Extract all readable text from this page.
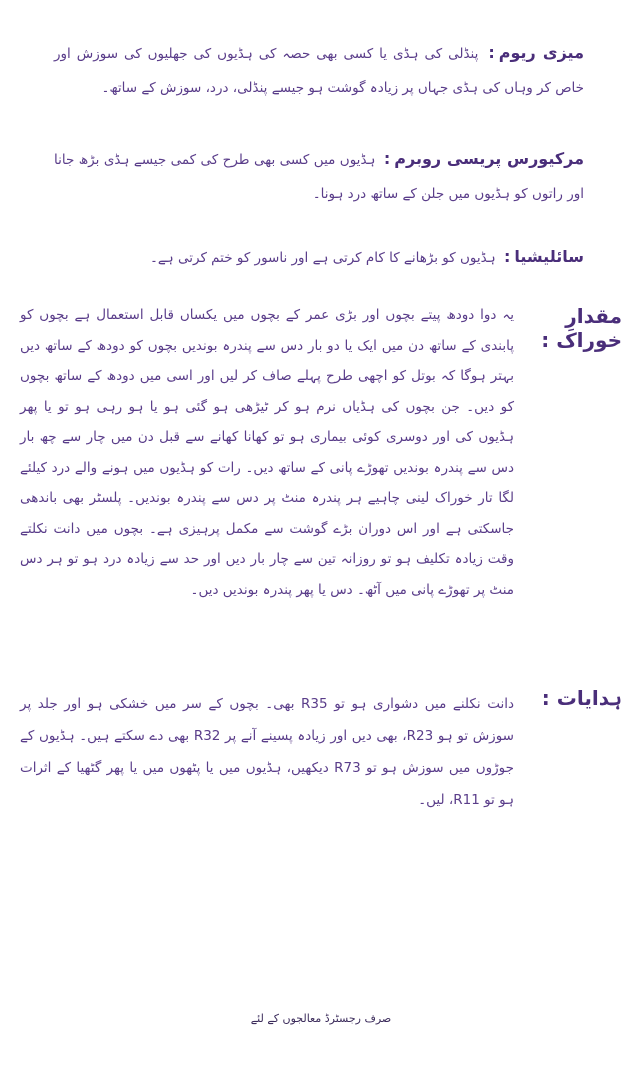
میزی ریوم: پنڈلی کی ہڈی یا کسی بھی حصہ کی ہڈیوں کی جھلیوں کی سوزش اور خاص کر وہاں کی ہڈی جہاں پر زیادہ گوشت ہو جیسے پنڈلی، درد، سوزش کے ساتھ۔
مرکیورس پریسی روبرم: ہڈیوں میں کسی بھی طرح کی کمی جیسے ہڈی بڑھ جانا اور راتوں کو ہڈیوں میں جلن کے ساتھ درد ہونا۔
سائلیشیا: ہڈیوں کو بڑھانے کا کام کرتی ہے اور ناسور کو ختم کرتی ہے۔
مقدارِ خوراک :
یہ دوا دودھ پیتے بچوں اور بڑی عمر کے بچوں میں یکساں قابل استعمال ہے بچوں کو پابندی کے ساتھ دن میں ایک یا دو بار دس سے پندرہ بوندیں بچوں کو دودھ کے ساتھ دیں بہتر ہوگا کہ بوتل کو اچھی طرح پہلے صاف کر لیں اور اسی میں دودھ کے ساتھ بچوں کو دیں۔ جن بچوں کی ہڈیاں نرم ہو کر ٹیڑھی ہو گئی ہو یا ہو رہی ہو تو یا پھر ہڈیوں کی اور دوسری کوئی بیماری ہو تو کھانا کھانے سے قبل دن میں چار سے چھ بار دس سے پندرہ بوندیں تھوڑے پانی کے ساتھ دیں۔ رات کو ہڈیوں میں ہونے والے درد کیلئے لگا تار خوراک لینی چاہیے ہر پندرہ منٹ پر دس سے پندرہ بوندیں۔ پلسٹر بھی باندھی جاسکتی ہے اور اس دوران بڑے گوشت سے مکمل پرہیزی ہے۔ بچوں میں دانت نکلتے وقت زیادہ تکلیف ہو تو روزانہ تین سے چار بار دیں اور حد سے زیادہ درد ہو تو ہر دس منٹ پر تھوڑے پانی میں آٹھ۔ دس یا پھر پندرہ بوندیں دیں۔
ہدایات :
دانت نکلنے میں دشواری ہو تو R35 بھی۔ بچوں کے سر میں خشکی ہو اور جلد پر سوزش تو ہو R23، بھی دیں اور زیادہ پسینے آنے پر R32 بھی دے سکتے ہیں۔ ہڈیوں کے جوڑوں میں سوزش ہو تو R73 دیکھیں، ہڈیوں میں یا پٹھوں میں یا پھر گٹھیا کے اثرات ہو تو R11، لیں۔
صرف رجسٹرڈ معالجوں کے لئے
